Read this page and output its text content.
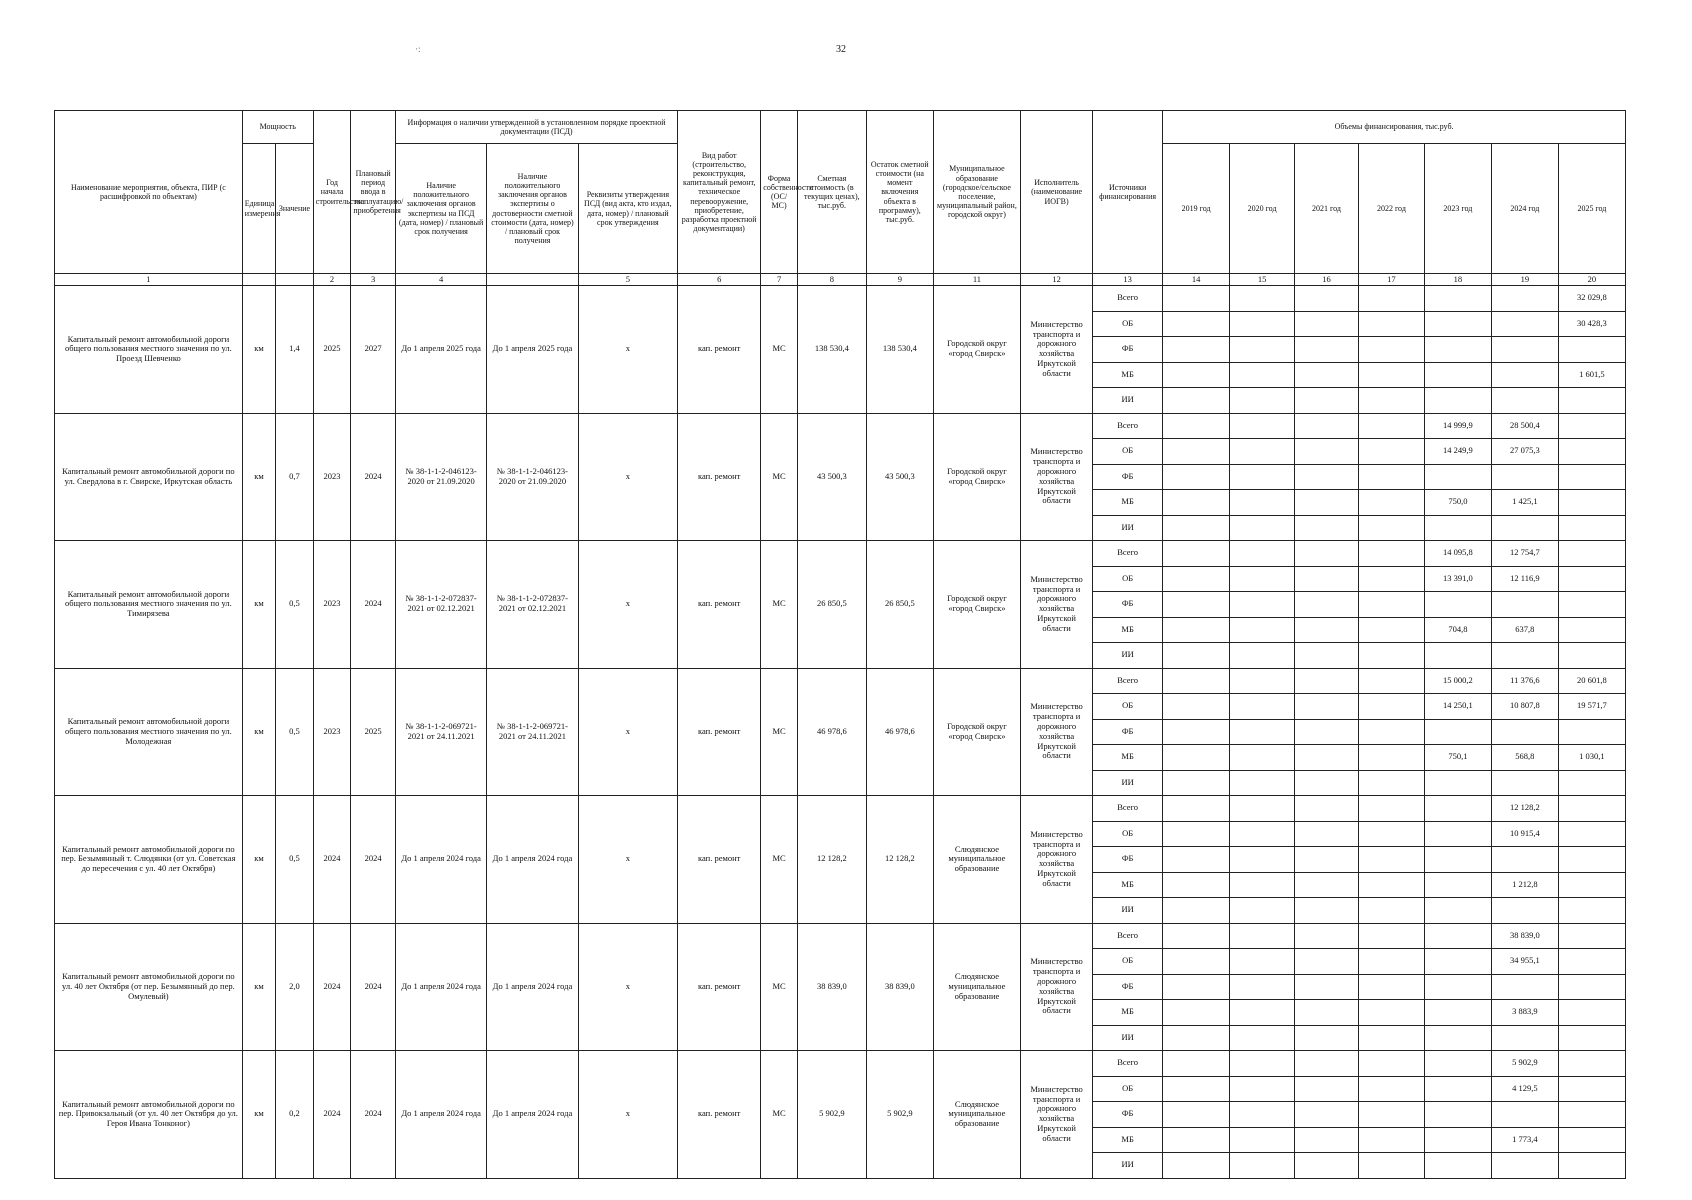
32
·:
Наименование мероприятия, объекта, ПИР (с расшифровкой по объектам)	Мощность		Год начала строительства	Плановый период ввода в эксплуатацию/приобретения	Информация о наличии утвержденной в установленном порядке проектной документации (ПСД)			Вид работ (строительство, реконструкция, капитальный ремонт, техническое перевооружение, приобретение, разработка проектной документации)	Форма собственности (ОС/ МС)	Сметная стоимость (в текущих ценах), тыс.руб.	Остаток сметной стоимости (на момент включения объекта в программу), тыс.руб.	Муниципальное образование (городское/сельское поселение, муниципальный район, городской округ)	Исполнитель (наименование ИОГВ)	Источники финансирования	Объемы финансирования, тыс.руб.						
	Единица измерения	Значение			Наличие положительного заключения органов экспертизы на ПСД (дата, номер) / плановый срок получения	Наличие положительного заключения органов экспертизы о достоверности сметной стоимости (дата, номер) / плановый срок получения	Реквизиты утверждения ПСД (вид акта, кто издал, дата, номер) / плановый срок утверждения								2019 год	2020 год	2021 год	2022 год	2023 год	2024 год	2025 год
1			2	3	4		5	6	7	8	9	11	12	13	14	15	16	17	18	19	20
Капитальный ремонт автомобильной дороги общего пользования местного значения по ул. Проезд Шевченко	км	1,4	2025	2027	До 1 апреля 2025 года	До 1 апреля 2025 года	х	кап. ремонт	МС	138 530,4	138 530,4	Городской округ «город Свирск»	Министерство транспорта и дорожного хозяйства Иркутской области	Всего							32 029,8
														ОБ							30 428,3
														ФБ							
														МБ							1 601,5
														ИИ							
Капитальный ремонт автомобильной дороги по ул. Свердлова в г. Свирске, Иркутская область	км	0,7	2023	2024	№ 38-1-1-2-046123-2020 от 21.09.2020	№ 38-1-1-2-046123-2020 от 21.09.2020	х	кап. ремонт	МС	43 500,3	43 500,3	Городской округ «город Свирск»	Министерство транспорта и дорожного хозяйства Иркутской области	Всего					14 999,9	28 500,4	
														ОБ					14 249,9	27 075,3	
														ФБ							
														МБ					750,0	1 425,1	
														ИИ							
Капитальный ремонт автомобильной дороги общего пользования местного значения по ул. Тимирязева	км	0,5	2023	2024	№ 38-1-1-2-072837-2021 от 02.12.2021	№ 38-1-1-2-072837-2021 от 02.12.2021	х	кап. ремонт	МС	26 850,5	26 850,5	Городской округ «город Свирск»	Министерство транспорта и дорожного хозяйства Иркутской области	Всего					14 095,8	12 754,7	
														ОБ					13 391,0	12 116,9	
														ФБ							
														МБ					704,8	637,8	
														ИИ							
Капитальный ремонт автомобильной дороги общего пользования местного значения по ул. Молодежная	км	0,5	2023	2025	№ 38-1-1-2-069721-2021 от 24.11.2021	№ 38-1-1-2-069721-2021 от 24.11.2021	х	кап. ремонт	МС	46 978,6	46 978,6	Городской округ «город Свирск»	Министерство транспорта и дорожного хозяйства Иркутской области	Всего					15 000,2	11 376,6	20 601,8
														ОБ					14 250,1	10 807,8	19 571,7
														ФБ							
														МБ					750,1	568,8	1 030,1
														ИИ							
Капитальный ремонт автомобильной дороги по пер. Безымянный т. Слюдянки (от ул. Советская до пересечения с ул. 40 лет Октября)	км	0,5	2024	2024	До 1 апреля 2024 года	До 1 апреля 2024 года	х	кап. ремонт	МС	12 128,2	12 128,2	Слюдянское муниципальное образование	Министерство транспорта и дорожного хозяйства Иркутской области	Всего						12 128,2	
														ОБ						10 915,4	
														ФБ							
														МБ						1 212,8	
														ИИ							
Капитальный ремонт автомобильной дороги по ул. 40 лет Октября (от пер. Безымянный до пер. Омулевый)	км	2,0	2024	2024	До 1 апреля 2024 года	До 1 апреля 2024 года	х	кап. ремонт	МС	38 839,0	38 839,0	Слюдянское муниципальное образование	Министерство транспорта и дорожного хозяйства Иркутской области	Всего						38 839,0	
														ОБ						34 955,1	
														ФБ							
														МБ						3 883,9	
														ИИ							
Капитальный ремонт автомобильной дороги по пер. Привокзальный (от ул. 40 лет Октября до ул. Героя Ивана Тонконог)	км	0,2	2024	2024	До 1 апреля 2024 года	До 1 апреля 2024 года	х	кап. ремонт	МС	5 902,9	5 902,9	Слюдянское муниципальное образование	Министерство транспорта и дорожного хозяйства Иркутской области	Всего						5 902,9	
														ОБ						4 129,5	
														ФБ							
														МБ						1 773,4	
														ИИ							
